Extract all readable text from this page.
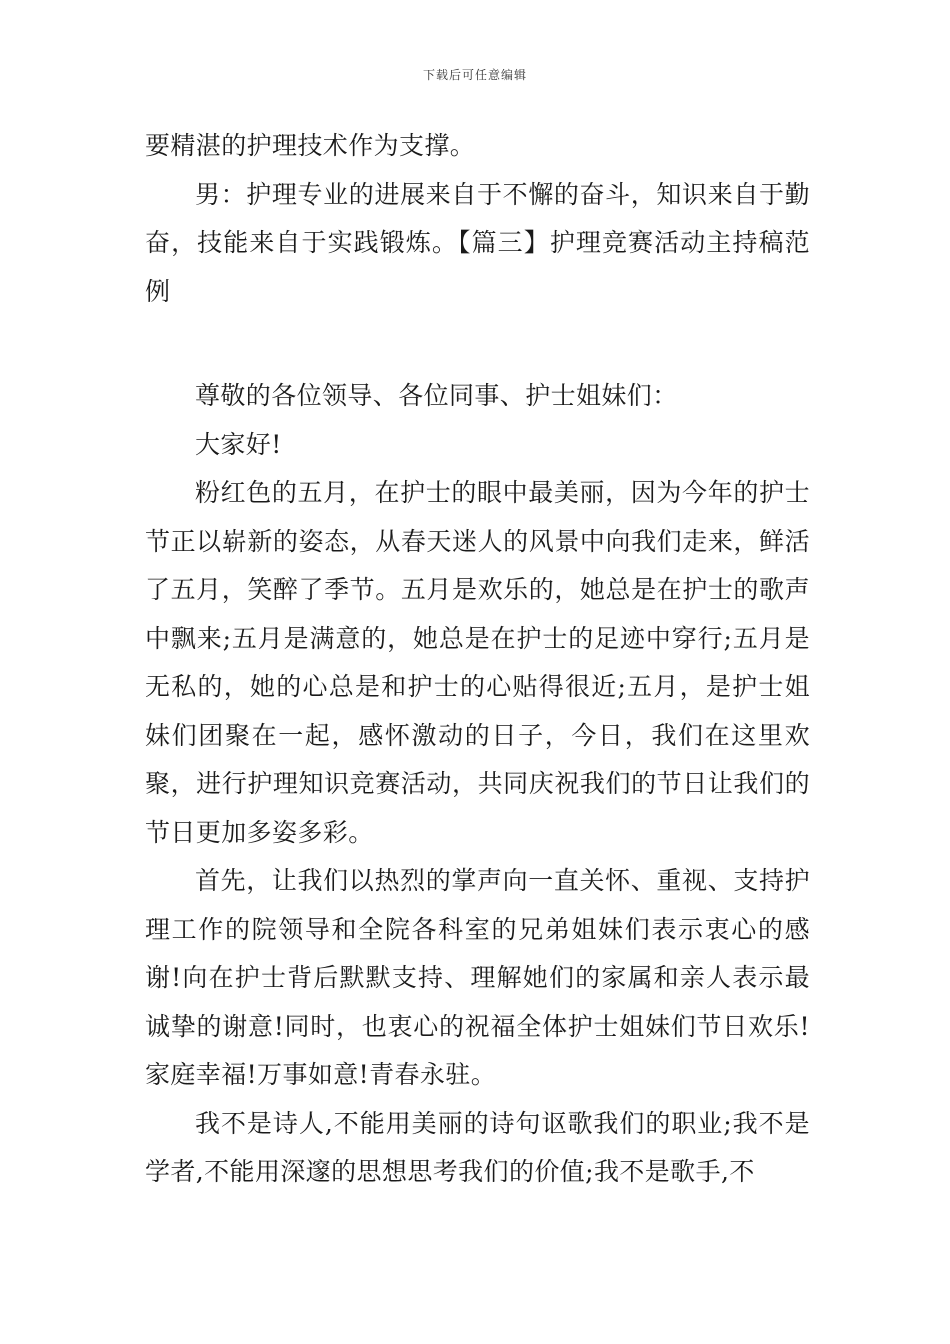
下载后可任意编辑

要精湛的护理技术作为支撑。

男：护理专业的进展来自于不懈的奋斗，知识来自于勤奋，技能来自于实践锻炼。【篇三】护理竞赛活动主持稿范例

尊敬的各位领导、各位同事、护士姐妹们：

大家好!

粉红色的五月，在护士的眼中最美丽，因为今年的护士节正以崭新的姿态，从春天迷人的风景中向我们走来，鲜活了五月，笑醉了季节。五月是欢乐的，她总是在护士的歌声中飘来;五月是满意的，她总是在护士的足迹中穿行;五月是无私的，她的心总是和护士的心贴得很近;五月，是护士姐妹们团聚在一起，感怀激动的日子，今日，我们在这里欢聚，进行护理知识竞赛活动，共同庆祝我们的节日让我们的节日更加多姿多彩。

首先，让我们以热烈的掌声向一直关怀、重视、支持护理工作的院领导和全院各科室的兄弟姐妹们表示衷心的感谢!向在护士背后默默支持、理解她们的家属和亲人表示最诚挚的谢意!同时，也衷心的祝福全体护士姐妹们节日欢乐!家庭幸福!万事如意!青春永驻。

我不是诗人,不能用美丽的诗句讴歌我们的职业;我不是学者,不能用深邃的思想思考我们的价值;我不是歌手,不
